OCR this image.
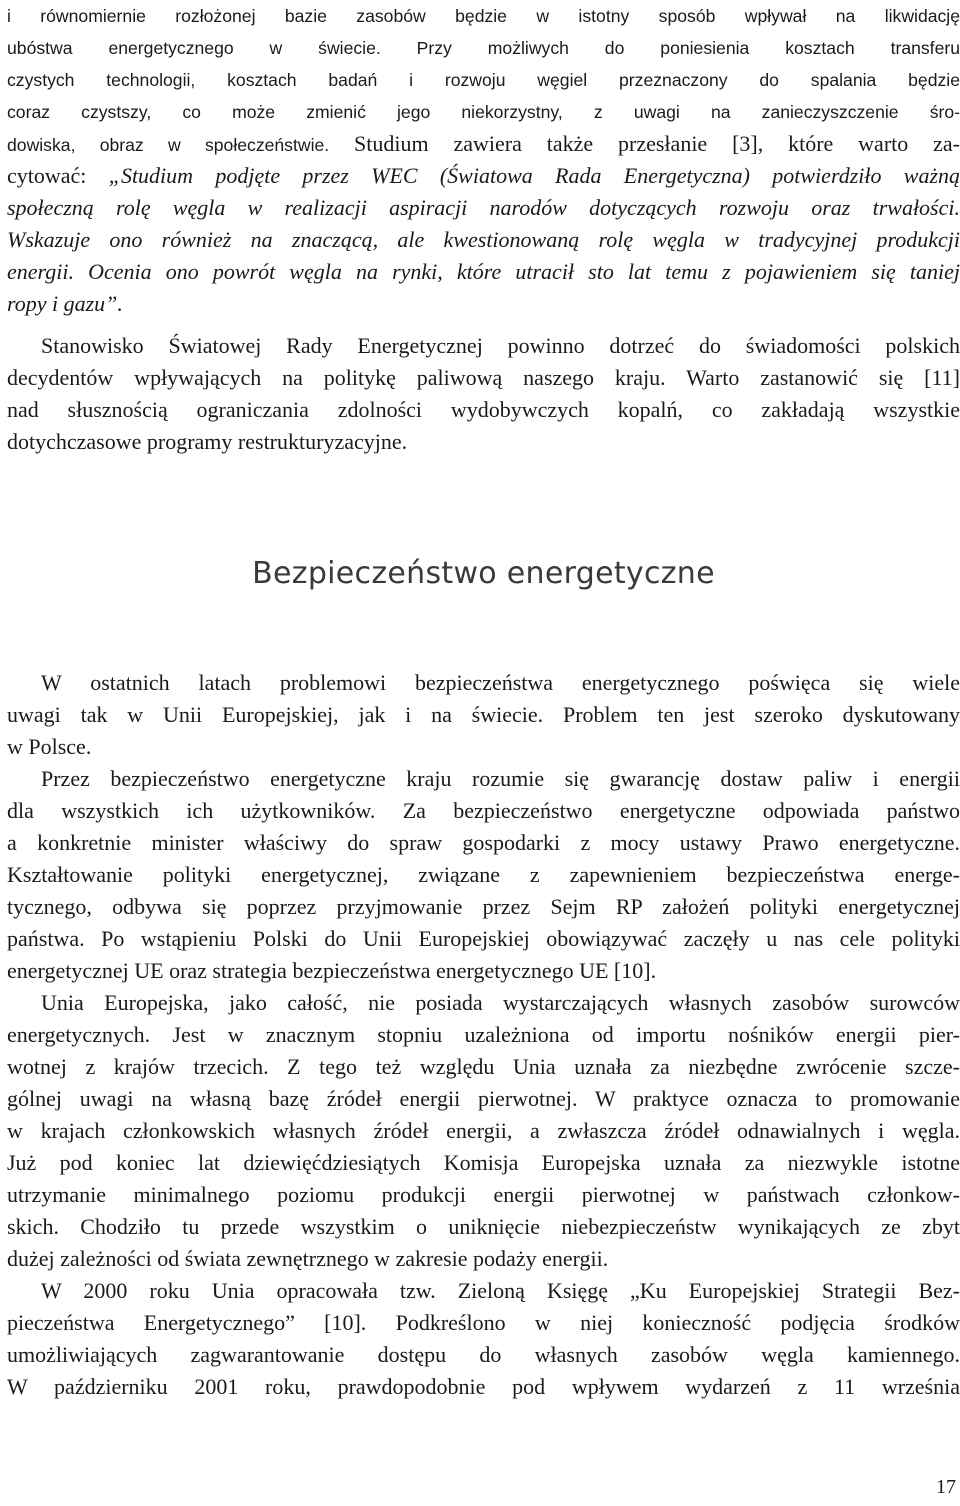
i równomiernie rozłożonej bazie zasobów będzie w istotny sposób wpływał na likwidację
ubóstwa energetycznego w świecie. Przy możliwych do poniesienia kosztach transferu
czystych technologii, kosztach badań i rozwoju węgiel przeznaczony do spalania będzie
coraz czystszy, co może zmienić jego niekorzystny, z uwagi na zanieczyszczenie śro-
dowiska, obraz w społeczeństwie. Studium zawiera także przesłanie [3], które warto za-
cytować: „Studium podjęte przez WEC (Światowa Rada Energetyczna) potwierdziło ważną
społeczną rolę węgla w realizacji aspiracji narodów dotyczących rozwoju oraz trwałości.
Wskazuje ono również na znaczącą, ale kwestionowaną rolę węgla w tradycyjnej produkcji
energii. Ocenia ono powrót węgla na rynki, które utracił sto lat temu z pojawieniem się taniej
ropy i gazu”.
Stanowisko Światowej Rady Energetycznej powinno dotrzeć do świadomości polskich
decydentów wpływających na politykę paliwową naszego kraju. Warto zastanowić się [11]
nad słusznością ograniczania zdolności wydobywczych kopalń, co zakładają wszystkie
dotychczasowe programy restrukturyzacyjne.
Bezpieczeństwo energetyczne
W ostatnich latach problemowi bezpieczeństwa energetycznego poświęca się wiele
uwagi tak w Unii Europejskiej, jak i na świecie. Problem ten jest szeroko dyskutowany
w Polsce.
Przez bezpieczeństwo energetyczne kraju rozumie się gwarancję dostaw paliw i energii
dla wszystkich ich użytkowników. Za bezpieczeństwo energetyczne odpowiada państwo
a konkretnie minister właściwy do spraw gospodarki z mocy ustawy Prawo energetyczne.
Kształtowanie polityki energetycznej, związane z zapewnieniem bezpieczeństwa energe-
tycznego, odbywa się poprzez przyjmowanie przez Sejm RP założeń polityki energetycznej
państwa. Po wstąpieniu Polski do Unii Europejskiej obowiązywać zaczęły u nas cele polityki
energetycznej UE oraz strategia bezpieczeństwa energetycznego UE [10].
Unia Europejska, jako całość, nie posiada wystarczających własnych zasobów surowców
energetycznych. Jest w znacznym stopniu uzależniona od importu nośników energii pier-
wotnej z krajów trzecich. Z tego też względu Unia uznała za niezbędne zwrócenie szcze-
gólnej uwagi na własną bazę źródeł energii pierwotnej. W praktyce oznacza to promowanie
w krajach członkowskich własnych źródeł energii, a zwłaszcza źródeł odnawialnych i węgla.
Już pod koniec lat dziewięćdziesiątych Komisja Europejska uznała za niezwykle istotne
utrzymanie minimalnego poziomu produkcji energii pierwotnej w państwach członkow-
skich. Chodziło tu przede wszystkim o uniknięcie niebezpieczeństw wynikających ze zbyt
dużej zależności od świata zewnętrznego w zakresie podaży energii.
W 2000 roku Unia opracowała tzw. Zieloną Księgę „Ku Europejskiej Strategii Bez-
pieczeństwa Energetycznego” [10]. Podkreślono w niej konieczność podjęcia środków
umożliwiających zagwarantowanie dostępu do własnych zasobów węgla kamiennego.
W październiku 2001 roku, prawdopodobnie pod wpływem wydarzeń z 11 września
17
